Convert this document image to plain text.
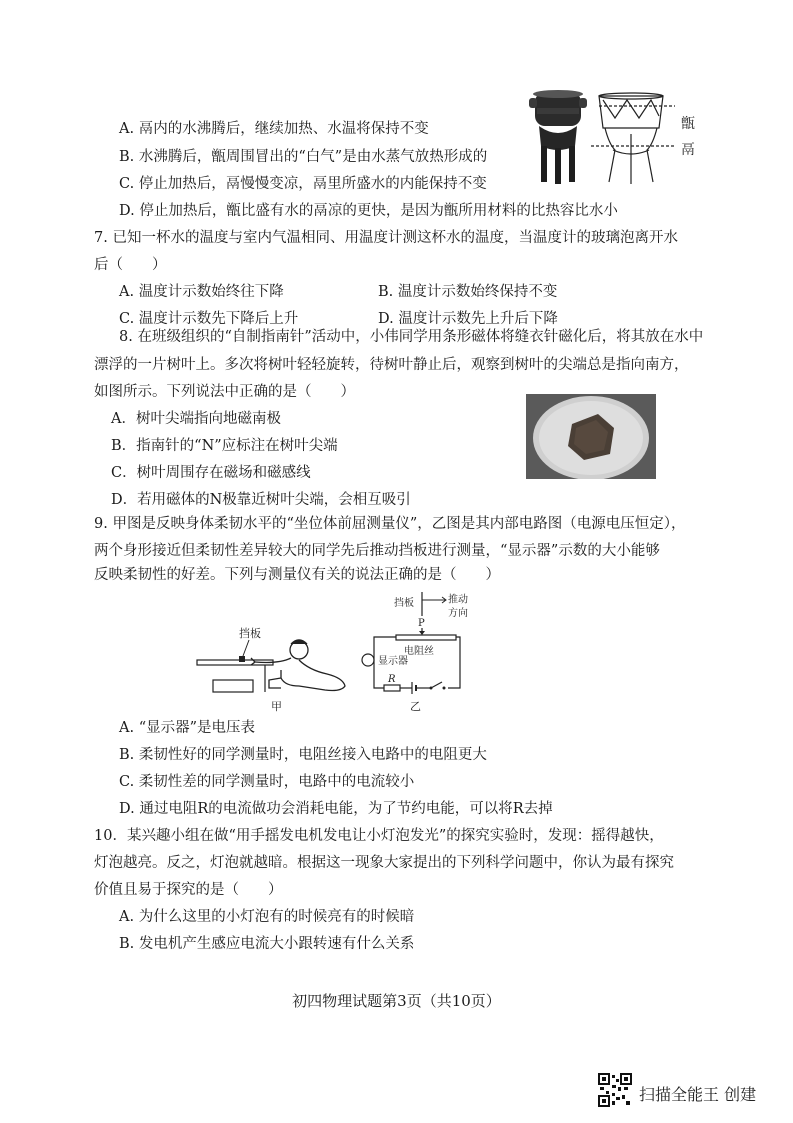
A. 鬲内的水沸腾后，继续加热、水温将保持不变
B. 水沸腾后，甑周围冒出的“白气”是由水蒸气放热形成的
C. 停止加热后，鬲慢慢变凉，鬲里所盛水的内能保持不变
D. 停止加热后，甑比盛有水的鬲凉的更快，是因为甑所用材料的比热容比水小
甑
鬲
7. 已知一杯水的温度与室内气温相同、用温度计测这杯水的温度，当温度计的玻璃泡离开水
后（　　）
A. 温度计示数始终往下降	B. 温度计示数始终保持不变
C. 温度计示数先下降后上升	D. 温度计示数先上升后下降
8. 在班级组织的“自制指南针”活动中，小伟同学用条形磁体将缝衣针磁化后，将其放在水中
漂浮的一片树叶上。多次将树叶轻轻旋转，待树叶静止后，观察到树叶的尖端总是指向南方，
如图所示。下列说法中正确的是（　　）
A．树叶尖端指向地磁南极
B．指南针的“N”应标注在树叶尖端
C．树叶周围存在磁场和磁感线
D．若用磁体的N极靠近树叶尖端，会相互吸引
9. 甲图是反映身体柔韧水平的“坐位体前屈测量仪”，乙图是其内部电路图（电源电压恒定），
两个身形接近但柔韧性差异较大的同学先后推动挡板进行测量，“显示器”示数的大小能够
反映柔韧性的好差。下列与测量仪有关的说法正确的是（　　）
挡板
甲
挡板	推动
方向
P
电阻丝
显示器
R
乙
A. “显示器”是电压表
B. 柔韧性好的同学测量时，电阻丝接入电路中的电阻更大
C. 柔韧性差的同学测量时，电路中的电流较小
D. 通过电阻R的电流做功会消耗电能，为了节约电能，可以将R去掉
10．某兴趣小组在做“用手摇发电机发电让小灯泡发光”的探究实验时，发现：摇得越快，
灯泡越亮。反之，灯泡就越暗。根据这一现象大家提出的下列科学问题中，你认为最有探究
价值且易于探究的是（　　）
A. 为什么这里的小灯泡有的时候亮有的时候暗
B. 发电机产生感应电流大小跟转速有什么关系
初四物理试题第3页（共10页）
扫描全能王 创建
